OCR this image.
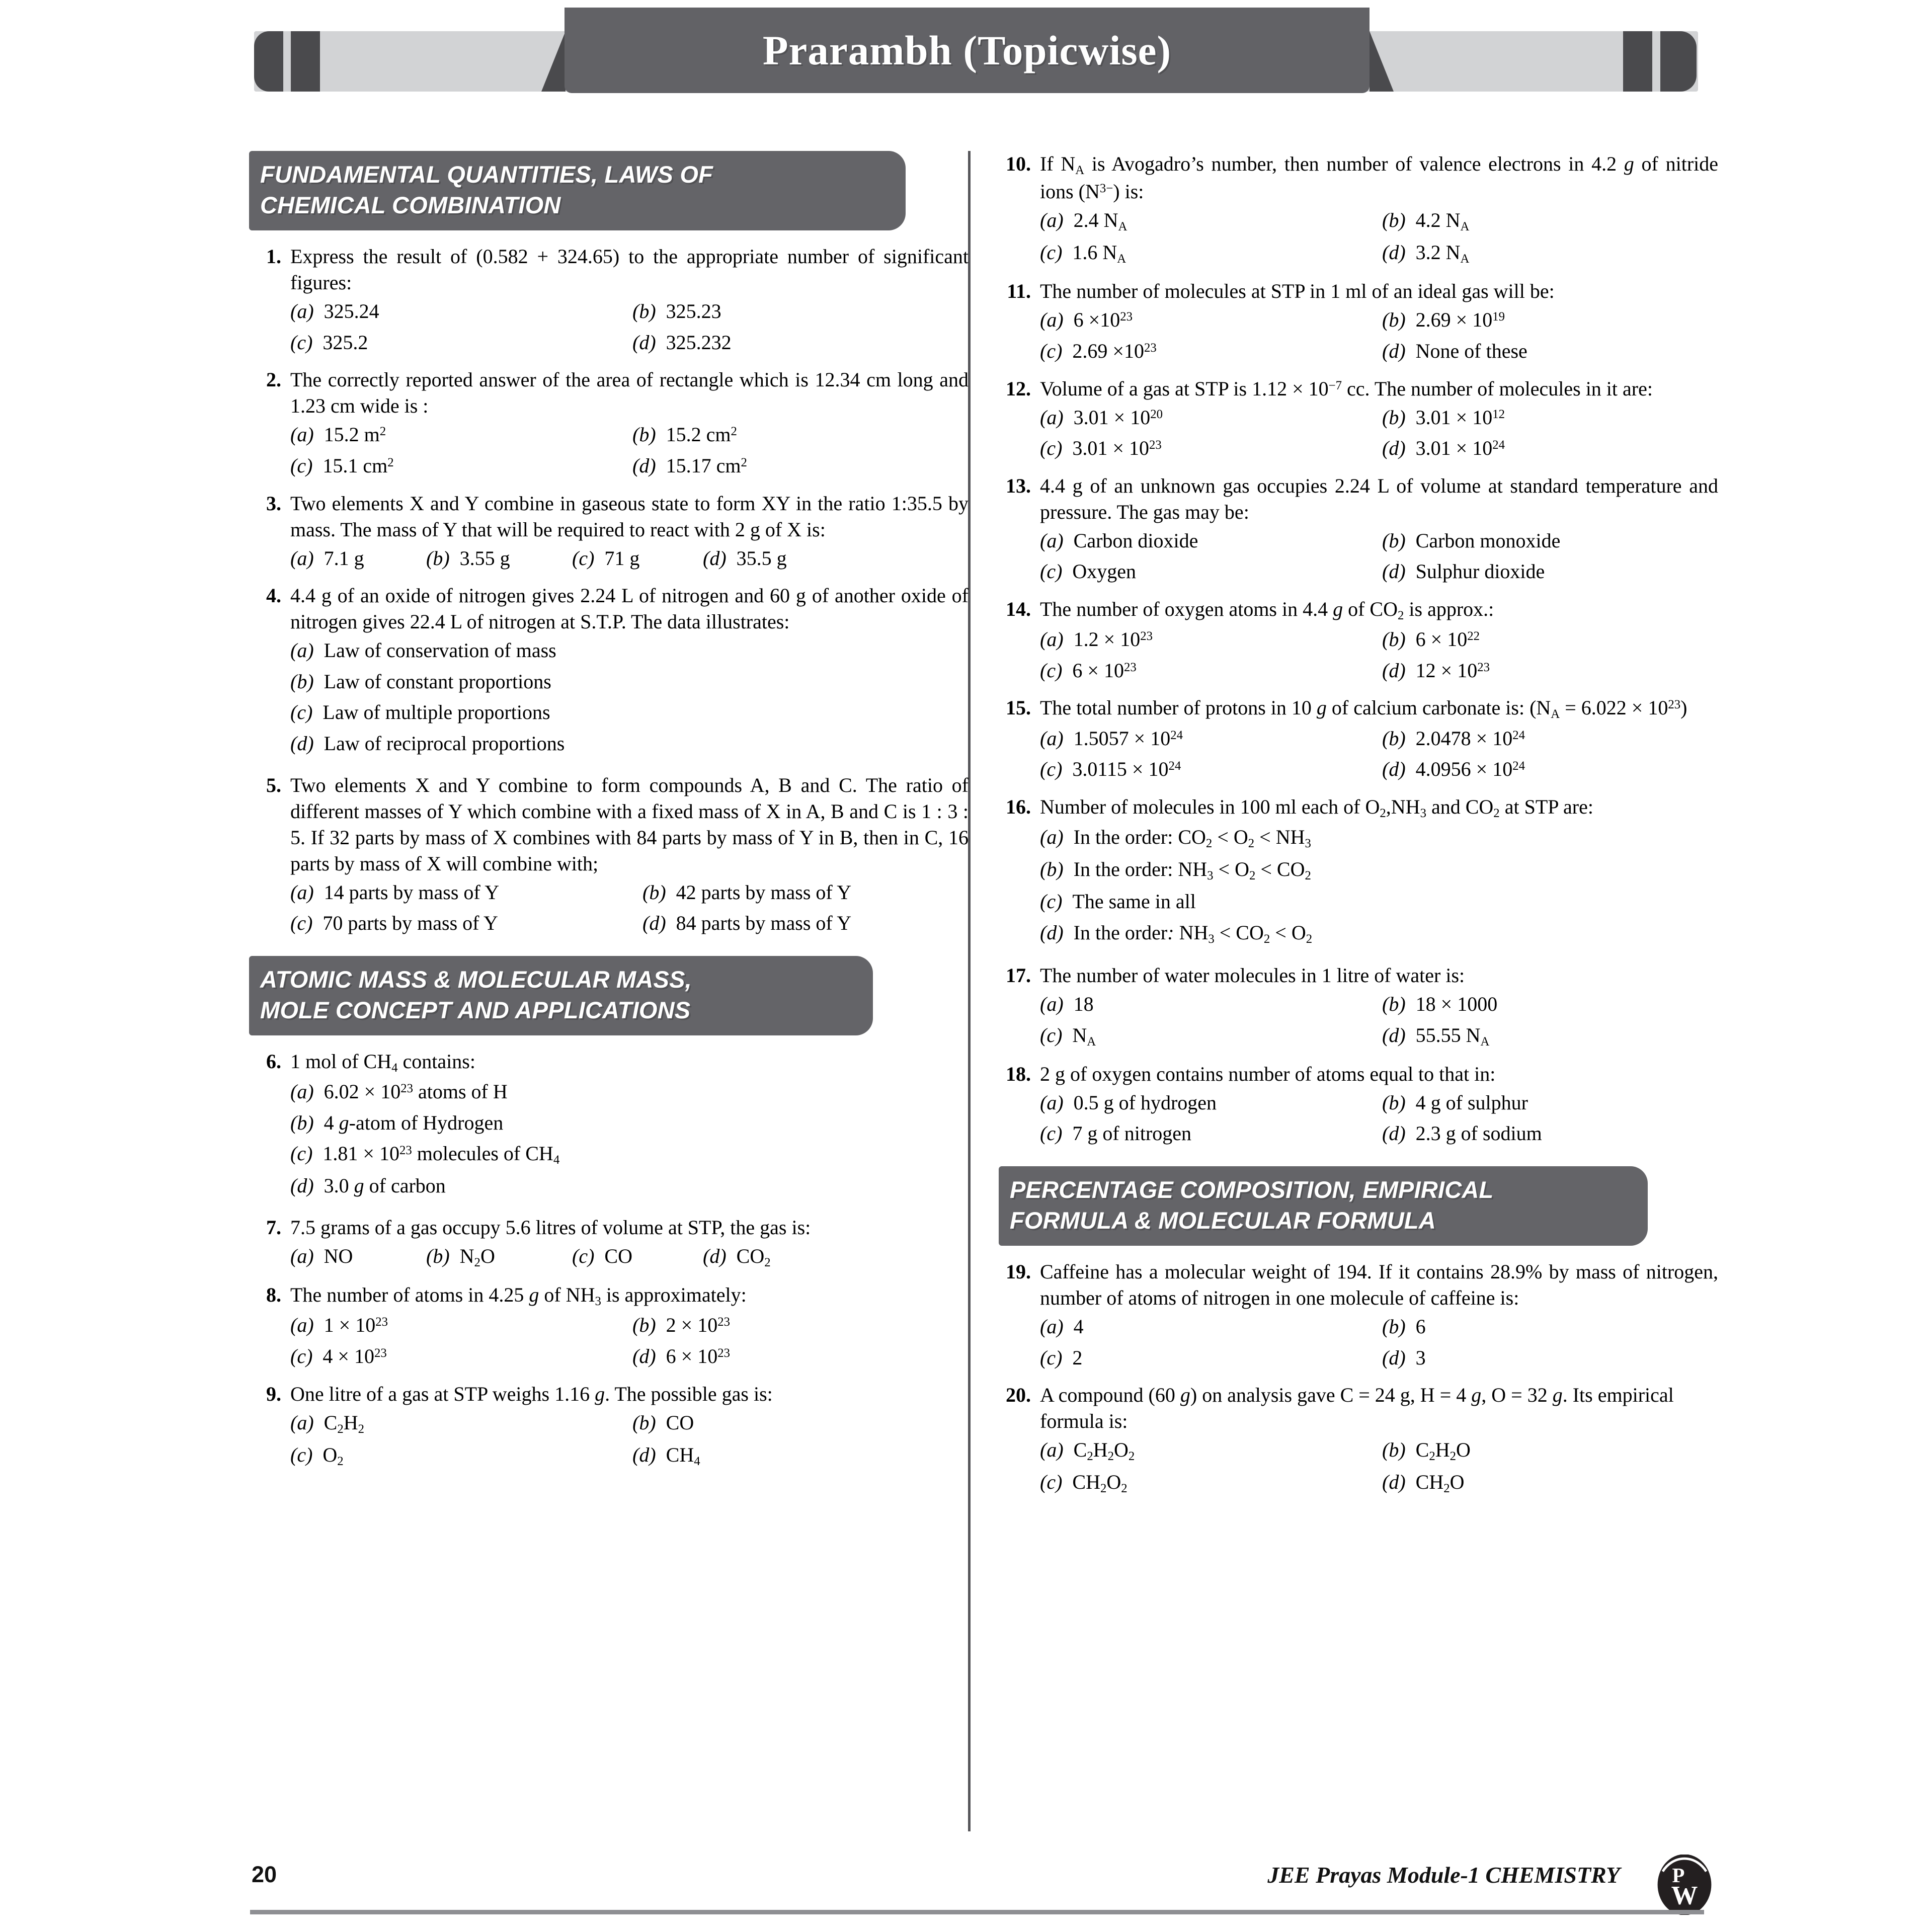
Prarambh (Topicwise)
FUNDAMENTAL QUANTITIES, LAWS OF
CHEMICAL COMBINATION
1. Express the result of (0.582 + 324.65) to the appropriate number of significant figures:

(a) 325.24	(b) 325.23
(c) 325.2	(d) 325.232
2. The correctly reported answer of the area of rectangle which is 12.34 cm long and 1.23 cm wide is :

(a)  15.2 $m^2$	(b)  15.2 $cm^2$
(c)  15.1 $cm^2$	(d)  15.17 $cm^2$
3. Two elements X and Y combine in gaseous state to form XY in the ratio 1:35.5 by mass. The mass of Y that will be required to react with 2 g of X is:

(a) 7.1 g	(b) 3.55 g	(c) 71 g	(d) 35.5 g
4. 4.4 g of an oxide of nitrogen gives 2.24 L of nitrogen and 60 g of another oxide of nitrogen gives 22.4 L of nitrogen at S.T.P. The data illustrates:

(a) Law of conservation of mass
(b) Law of constant proportions
(c) Law of multiple proportions
(d) Law of reciprocal proportions
5. Two elements X and Y combine to form compounds A, B and C. The ratio of different masses of Y which combine with a fixed mass of X in A, B and C is 1 : 3 : 5. If 32 parts by mass of X combines with 84 parts by mass of Y in B, then in C, 16 parts by mass of X will combine with;

(a) 14 parts by mass of Y	(b) 42 parts by mass of Y
(c) 70 parts by mass of Y	(d) 84 parts by mass of Y
ATOMIC MASS & MOLECULAR MASS,
MOLE CONCEPT AND APPLICATIONS
6. 1 mol of $CH_4$ contains:

(a)  $6.02 \times 10^{23}$ atoms of H
(b)  4 g-atom of Hydrogen
(c)  $1.81 \times 10^{23}$ molecules of $CH_4$
(d)  3.0 g of carbon
7. 7.5 grams of a gas occupy 5.6 litres of volume at STP, the gas is:

(a)  NO	(b)  $N_2O$	(c)  CO	(d)  $CO_2$
8. The number of atoms in 4.25 g of $NH_3$ is approximately:

(a)  $1 \times 10^{23}$	(b)  $2 \times 10^{23}$
(c)  $4 \times 10^{23}$	(d)  $6 \times 10^{23}$
9. One litre of a gas at STP weighs 1.16 g. The possible gas is:

(a)  $C_2H_2$	(b)  CO
(c)  $O_2$	(d)  $CH_4$
10. If $N_A$ is Avogadro’s number, then number of valence electrons in 4.2 g of nitride ions $(N^{3-})$ is:

(a)  2.4 $N_A$	(b)  4.2 $N_A$
(c)  1.6 $N_A$	(d)  3.2 $N_A$
11. The number of molecules at STP in 1 ml of an ideal gas will be:

(a)  $6 \times 10^{23}$	(b)  $2.69 \times 10^{19}$
(c)  $2.69 \times 10^{23}$	(d)  None of these
12. Volume of a gas at STP is $1.12 \times 10^{-7}$ cc. The number of molecules in it are:

(a)  $3.01 \times 10^{20}$	(b)  $3.01 \times 10^{12}$
(c)  $3.01 \times 10^{23}$	(d)  $3.01 \times 10^{24}$
13. 4.4 g of an unknown gas occupies 2.24 L of volume at standard temperature and pressure. The gas may be:

(a) Carbon dioxide	(b) Carbon monoxide
(c) Oxygen	(d) Sulphur dioxide
14. The number of oxygen atoms in 4.4 g of $CO_2$ is approx.:

(a)  $1.2 \times 10^{23}$	(b)  $6 \times 10^{22}$
(c)  $6 \times 10^{23}$	(d)  $12 \times 10^{23}$
15. The total number of protons in 10 g of calcium carbonate is: $(N_A = 6.022 \times 10^{23})$

(a)  $1.5057 \times 10^{24}$	(b)  $2.0478 \times 10^{24}$
(c)  $3.0115 \times 10^{24}$	(d)  $4.0956 \times 10^{24}$
16. Number of molecules in 100 ml each of $O_2,NH_3$ and $CO_2$ at STP are:

(a)  In the order: $CO_2 < O_2 < NH_3$
(b)  In the order: $NH_3 < O_2 < CO_2$
(c)  The same in all
(d)  In the order: $NH_3 < CO_2 < O_2$
17. The number of water molecules in 1 litre of water is:

(a)  18	(b)  18 × 1000
(c)  $N_A$	(d)  55.55 $N_A$
18. 2 g of oxygen contains number of atoms equal to that in:

(a) 0.5 g of hydrogen	(b) 4 g of sulphur
(c) 7 g of nitrogen	(d) 2.3 g of sodium
PERCENTAGE COMPOSITION, EMPIRICAL
FORMULA & MOLECULAR FORMULA
19. Caffeine has a molecular weight of 194. If it contains 28.9% by mass of nitrogen, number of atoms of nitrogen in one molecule of caffeine is:

(a) 4	(b) 6
(c) 2	(d) 3
20. A compound (60 g) on analysis gave C = 24 g, H = 4 g, O = 32 g. Its empirical formula is:

(a)  $C_2H_2O_2$	(b)  $C_2H_2O$
(c)  $CH_2O_2$	(d)  $CH_2O$
20	JEE Prayas Module-1 CHEMISTRY	P
W
